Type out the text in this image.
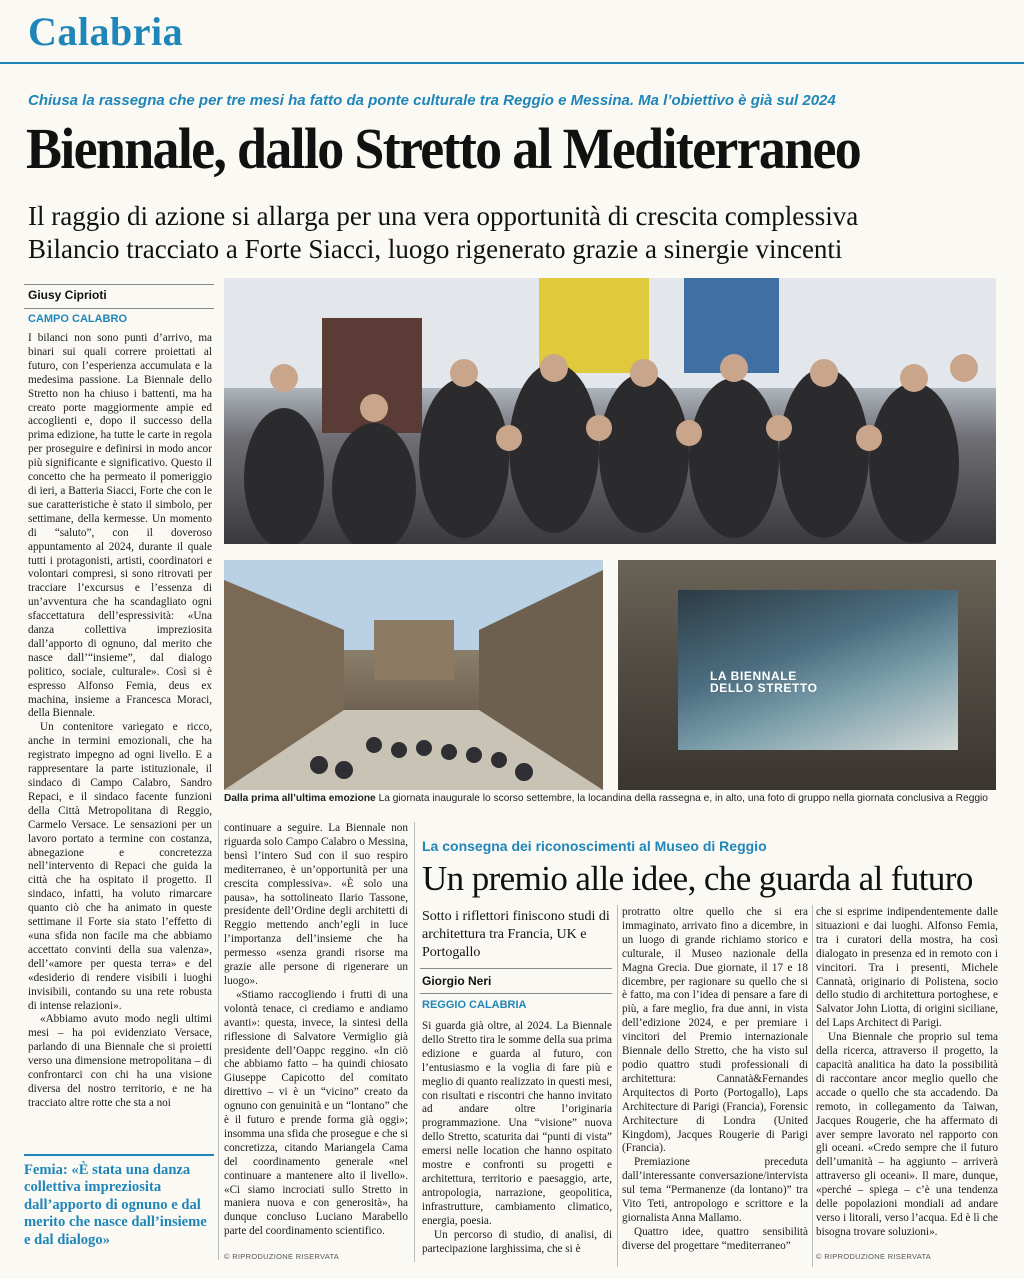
Calabria
Chiusa la rassegna che per tre mesi ha fatto da ponte culturale tra Reggio e Messina. Ma l’obiettivo è già sul 2024
Biennale, dallo Stretto al Mediterraneo
Il raggio di azione si allarga per una vera opportunità di crescita complessiva
Bilancio tracciato a Forte Siacci, luogo rigenerato grazie a sinergie vincenti
Giusy Ciprioti
CAMPO CALABRO

I bilanci non sono punti d’arrivo, ma binari sui quali correre proiettati al futuro, con l’esperienza accumulata e la medesima passione. La Biennale dello Stretto non ha chiuso i battenti, ma ha creato porte maggiormente ampie ed accoglienti e, dopo il successo della prima edizione, ha tutte le carte in regola per proseguire e definirsi in modo ancor più significante e significativo. Questo il concetto che ha permeato il pomeriggio di ieri, a Batteria Siacci, Forte che con le sue caratteristiche è stato il simbolo, per settimane, della kermesse. Un momento di “saluto”, con il doveroso appuntamento al 2024, durante il quale tutti i protagonisti, artisti, coordinatori e volontari compresi, si sono ritrovati per tracciare l’excursus e l’essenza di un’avventura che ha scandagliato ogni sfaccettatura dell’espressività: «Una danza collettiva impreziosita dall’apporto di ognuno, dal merito che nasce dall’“insieme”, dal dialogo politico, sociale, culturale». Così si è espresso Alfonso Femia, deus ex machina, insieme a Francesca Moraci, della Biennale.

Un contenitore variegato e ricco, anche in termini emozionali, che ha registrato impegno ad ogni livello. E a rappresentare la parte istituzionale, il sindaco di Campo Calabro, Sandro Repaci, e il sindaco facente funzioni della Città Metropolitana di Reggio, Carmelo Versace. Le sensazioni per un lavoro portato a termine con costanza, abnegazione e concretezza nell’intervento di Repaci che guida la città che ha ospitato il progetto. Il sindaco, infatti, ha voluto rimarcare quanto ciò che ha animato in queste settimane il Forte sia stato l’effetto di «una sfida non facile ma che abbiamo accettato convinti della sua valenza», dell’«amore per questa terra» e del «desiderio di rendere visibili i luoghi invisibili, contando su una rete robusta di intense relazioni».

«Abbiamo avuto modo negli ultimi mesi – ha poi evidenziato Versace, parlando di una Biennale che si proietti verso una dimensione metropolitana – di confrontarci con chi ha una visione diversa del nostro territorio, e ne ha tracciato altre rotte che sta a noi

Femia: «È stata una danza collettiva impreziosita dall’apporto di ognuno e dal merito che nasce dall’insieme e dal dialogo»

continuare a seguire. La Biennale non riguarda solo Campo Calabro o Messina, bensì l’intero Sud con il suo respiro mediterraneo, è un’opportunità per una crescita complessiva». «È solo una pausa», ha sottolineato Ilario Tassone, presidente dell’Ordine degli architetti di Reggio mettendo anch’egli in luce l’importanza dell’insieme che ha permesso «senza grandi risorse ma grazie alle persone di rigenerare un luogo».

«Stiamo raccogliendo i frutti di una volontà tenace, ci crediamo e andiamo avanti»: questa, invece, la sintesi della riflessione di Salvatore Vermiglio già presidente dell’Oappc reggino. «In ciò che abbiamo fatto – ha quindi chiosato Giuseppe Capicotto del comitato direttivo – vi è un “vicino” creato da ognuno con genuinità e un “lontano” che è il futuro e prende forma già oggi»; insomma una sfida che prosegue e che si concretizza, citando Mariangela Cama del coordinamento generale «nel continuare a mantenere alto il livello». «Ci siamo incrociati sullo Stretto in maniera nuova e con generosità», ha dunque concluso Luciano Marabello parte del coordinamento scientifico.

© RIPRODUZIONE RISERVATA
LA BIENNALE
DELLO STRETTO
Dalla prima all’ultima emozione La giornata inaugurale lo scorso settembre, la locandina della rassegna e, in alto, una foto di gruppo nella giornata conclusiva a Reggio
La consegna dei riconoscimenti al Museo di Reggio
Un premio alle idee, che guarda al futuro
Sotto i riflettori finiscono studi di architettura tra Francia, UK e Portogallo
Giorgio Neri
REGGIO CALABRIA

Si guarda già oltre, al 2024. La Biennale dello Stretto tira le somme della sua prima edizione e guarda al futuro, con l’entusiasmo e la voglia di fare più e meglio di quanto realizzato in questi mesi, con risultati e riscontri che hanno invitato ad andare oltre l’originaria programmazione. Una “visione” nuova dello Stretto, scaturita dai “punti di vista” emersi nelle location che hanno ospitato mostre e confronti su progetti e architettura, territorio e paesaggio, arte, antropologia, narrazione, geopolitica, infrastrutture, cambiamento climatico, energia, poesia.

Un percorso di studio, di analisi, di partecipazione larghissima, che si è

protratto oltre quello che si era immaginato, arrivato fino a dicembre, in un luogo di grande richiamo storico e culturale, il Museo nazionale della Magna Grecia. Due giornate, il 17 e 18 dicembre, per ragionare su quello che si è fatto, ma con l’idea di pensare a fare di più, a fare meglio, fra due anni, in vista dell’edizione 2024, e per premiare i vincitori del Premio internazionale Biennale dello Stretto, che ha visto sul podio quattro studi professionali di architettura: Cannatà&Fernandes Arquitectos di Porto (Portogallo), Laps Architecture di Parigi (Francia), Forensic Architecture di Londra (United Kingdom), Jacques Rougerie di Parigi (Francia).

Premiazione preceduta dall’interessante conversazione/intervista sul tema “Permanenze (da lontano)” tra Vito Teti, antropologo e scrittore e la giornalista Anna Mallamo.

Quattro idee, quattro sensibilità diverse del progettare “mediterraneo”

che si esprime indipendentemente dalle situazioni e dai luoghi. Alfonso Femia, tra i curatori della mostra, ha così dialogato in presenza ed in remoto con i vincitori. Tra i presenti, Michele Cannatà, originario di Polistena, socio dello studio di architettura portoghese, e Salvator John Liotta, di origini siciliane, del Laps Architect di Parigi.

Una Biennale che proprio sul tema della ricerca, attraverso il progetto, la capacità analitica ha dato la possibilità di raccontare ancor meglio quello che accade o quello che sta accadendo. Da remoto, in collegamento da Taiwan, Jacques Rougerie, che ha affermato di aver sempre lavorato nel rapporto con gli oceani. «Credo sempre che il futuro dell’umanità – ha aggiunto – arriverà attraverso gli oceani». Il mare, dunque, «perché – spiega – c’è una tendenza delle popolazioni mondiali ad andare verso i litorali, verso l’acqua. Ed è lì che bisogna trovare soluzioni».

© RIPRODUZIONE RISERVATA
